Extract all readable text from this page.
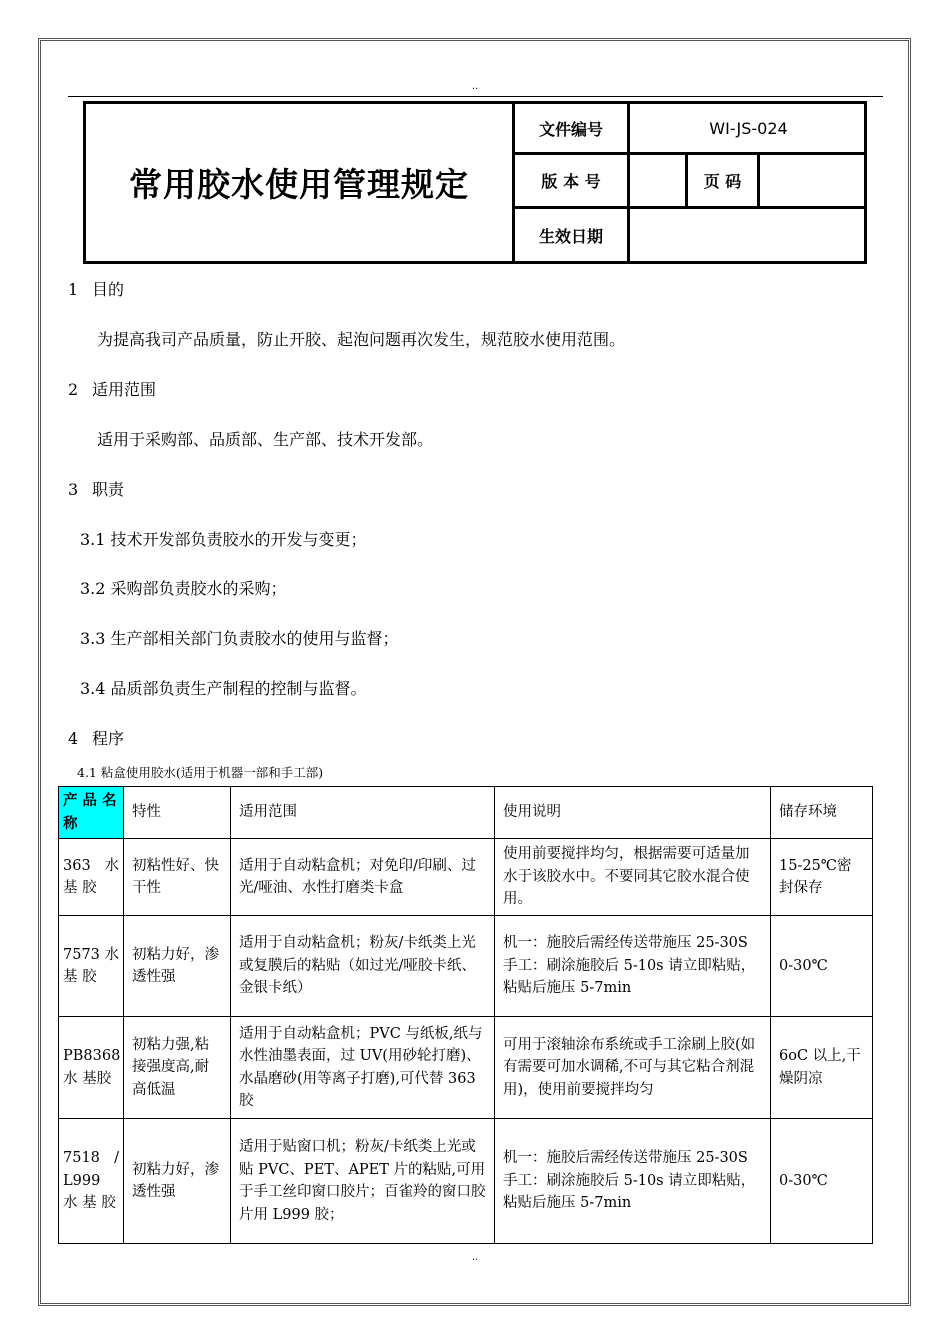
..
常用胶水使用管理规定
文件编号	WI-JS-024
版 本 号	页 码
生效日期
1 目的
为提高我司产品质量，防止开胶、起泡问题再次发生，规范胶水使用范围。
2 适用范围
适用于采购部、品质部、生产部、技术开发部。
3 职责
3.1 技术开发部负责胶水的开发与变更；
3.2 采购部负责胶水的采购；
3.3 生产部相关部门负责胶水的使用与监督；
3.4 品质部负责生产制程的控制与监督。
4 程序
4.1 粘盒使用胶水(适用于机器一部和手工部)
产 品 名称	特性	适用范围	使用说明	储存环境
363 水 基 胶	初粘性好、快干性	适用于自动粘盒机；对免印/印刷、过光/哑油、水性打磨类卡盒	使用前要搅拌均匀，根据需要可适量加水于该胶水中。不要同其它胶水混合使用。	15-25℃密封保存
7573 水 基 胶	初粘力好，渗透性强	适用于自动粘盒机；粉灰/卡纸类上光或复膜后的粘贴（如过光/哑胶卡纸、金银卡纸）	机一：施胶后需经传送带施压 25-30S
手工：刷涂施胶后 5-10s 请立即粘贴，粘贴后施压 5-7min	0-30℃
PB8368 水 基胶	初粘力强,粘接强度高,耐高低温	适用于自动粘盒机；PVC 与纸板,纸与水性油墨表面，过 UV(用砂轮打磨)、水晶磨砂(用等离子打磨),可代替 363 胶	可用于滚轴涂布系统或手工涂刷上胶(如有需要可加水调稀,不可与其它粘合剂混用)，使用前要搅拌均匀	6oC 以上,干燥阴凉
7518 / L999 水 基 胶	初粘力好，渗透性强	适用于贴窗口机；粉灰/卡纸类上光或贴 PVC、PET、APET 片的粘贴,可用于手工丝印窗口胶片；百雀羚的窗口胶片用 L999 胶；	机一：施胶后需经传送带施压 25-30S
手工：刷涂施胶后 5-10s 请立即粘贴，粘贴后施压 5-7min	0-30℃
..
